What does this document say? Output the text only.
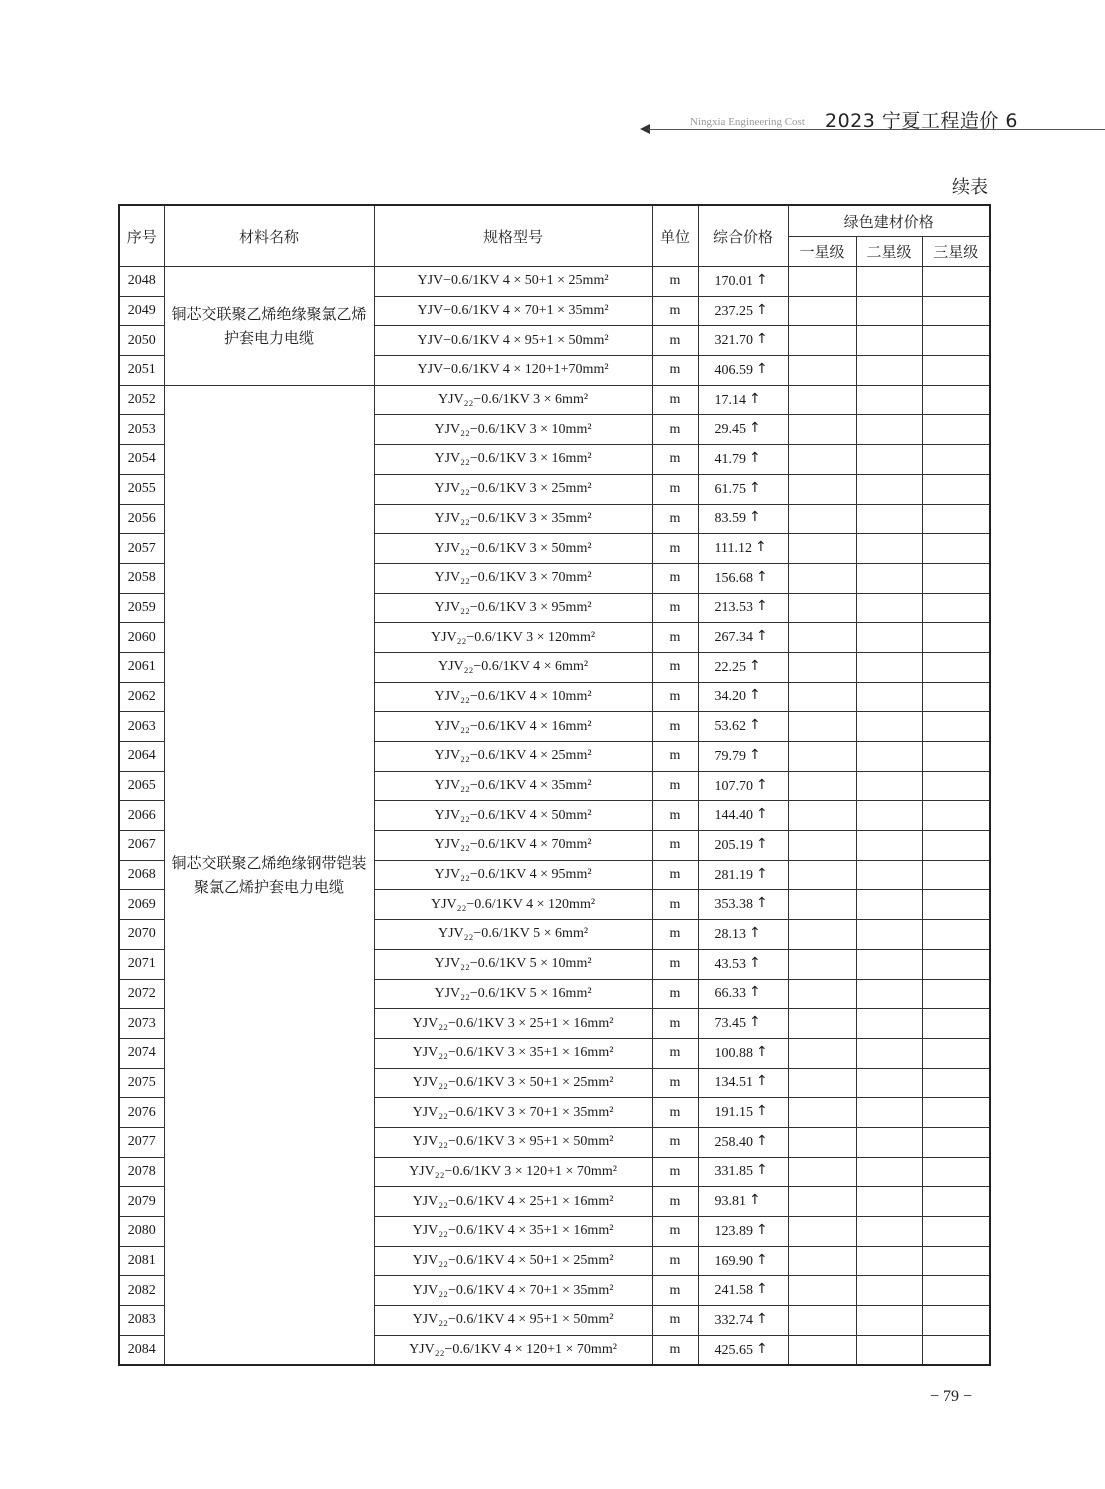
Ningxia Engineering Cost 2023 宁夏工程造价 6
续表
序号	材料名称	规格型号	单位	综合价格	绿色建材价格		
					一星级	二星级	三星级
2048	铜芯交联聚乙烯绝缘聚氯乙烯护套电力电缆	YJV−0.6/1KV 4 × 50+1 × 25mm²	m	170.01 ↑			
2049		YJV−0.6/1KV 4 × 70+1 × 35mm²	m	237.25 ↑			
2050		YJV−0.6/1KV 4 × 95+1 × 50mm²	m	321.70 ↑			
2051		YJV−0.6/1KV 4 × 120+1+70mm²	m	406.59 ↑			
2052	铜芯交联聚乙烯绝缘钢带铠装聚氯乙烯护套电力电缆	YJV₂₂−0.6/1KV 3 × 6mm²	m	17.14 ↑			
2053		YJV₂₂−0.6/1KV 3 × 10mm²	m	29.45 ↑			
2054		YJV₂₂−0.6/1KV 3 × 16mm²	m	41.79 ↑			
2055		YJV₂₂−0.6/1KV 3 × 25mm²	m	61.75 ↑			
2056		YJV₂₂−0.6/1KV 3 × 35mm²	m	83.59 ↑			
2057		YJV₂₂−0.6/1KV 3 × 50mm²	m	111.12 ↑			
2058		YJV₂₂−0.6/1KV 3 × 70mm²	m	156.68 ↑			
2059		YJV₂₂−0.6/1KV 3 × 95mm²	m	213.53 ↑			
2060		YJV₂₂−0.6/1KV 3 × 120mm²	m	267.34 ↑			
2061		YJV₂₂−0.6/1KV 4 × 6mm²	m	22.25 ↑			
2062		YJV₂₂−0.6/1KV 4 × 10mm²	m	34.20 ↑			
2063		YJV₂₂−0.6/1KV 4 × 16mm²	m	53.62 ↑			
2064		YJV₂₂−0.6/1KV 4 × 25mm²	m	79.79 ↑			
2065		YJV₂₂−0.6/1KV 4 × 35mm²	m	107.70 ↑			
2066		YJV₂₂−0.6/1KV 4 × 50mm²	m	144.40 ↑			
2067		YJV₂₂−0.6/1KV 4 × 70mm²	m	205.19 ↑			
2068		YJV₂₂−0.6/1KV 4 × 95mm²	m	281.19 ↑			
2069		YJV₂₂−0.6/1KV 4 × 120mm²	m	353.38 ↑			
2070		YJV₂₂−0.6/1KV 5 × 6mm²	m	28.13 ↑			
2071		YJV₂₂−0.6/1KV 5 × 10mm²	m	43.53 ↑			
2072		YJV₂₂−0.6/1KV 5 × 16mm²	m	66.33 ↑			
2073		YJV₂₂−0.6/1KV 3 × 25+1 × 16mm²	m	73.45 ↑			
2074		YJV₂₂−0.6/1KV 3 × 35+1 × 16mm²	m	100.88 ↑			
2075		YJV₂₂−0.6/1KV 3 × 50+1 × 25mm²	m	134.51 ↑			
2076		YJV₂₂−0.6/1KV 3 × 70+1 × 35mm²	m	191.15 ↑			
2077		YJV₂₂−0.6/1KV 3 × 95+1 × 50mm²	m	258.40 ↑			
2078		YJV₂₂−0.6/1KV 3 × 120+1 × 70mm²	m	331.85 ↑			
2079		YJV₂₂−0.6/1KV 4 × 25+1 × 16mm²	m	93.81 ↑			
2080		YJV₂₂−0.6/1KV 4 × 35+1 × 16mm²	m	123.89 ↑			
2081		YJV₂₂−0.6/1KV 4 × 50+1 × 25mm²	m	169.90 ↑			
2082		YJV₂₂−0.6/1KV 4 × 70+1 × 35mm²	m	241.58 ↑			
2083		YJV₂₂−0.6/1KV 4 × 95+1 × 50mm²	m	332.74 ↑			
2084		YJV₂₂−0.6/1KV 4 × 120+1 × 70mm²	m	425.65 ↑			
− 79 −
